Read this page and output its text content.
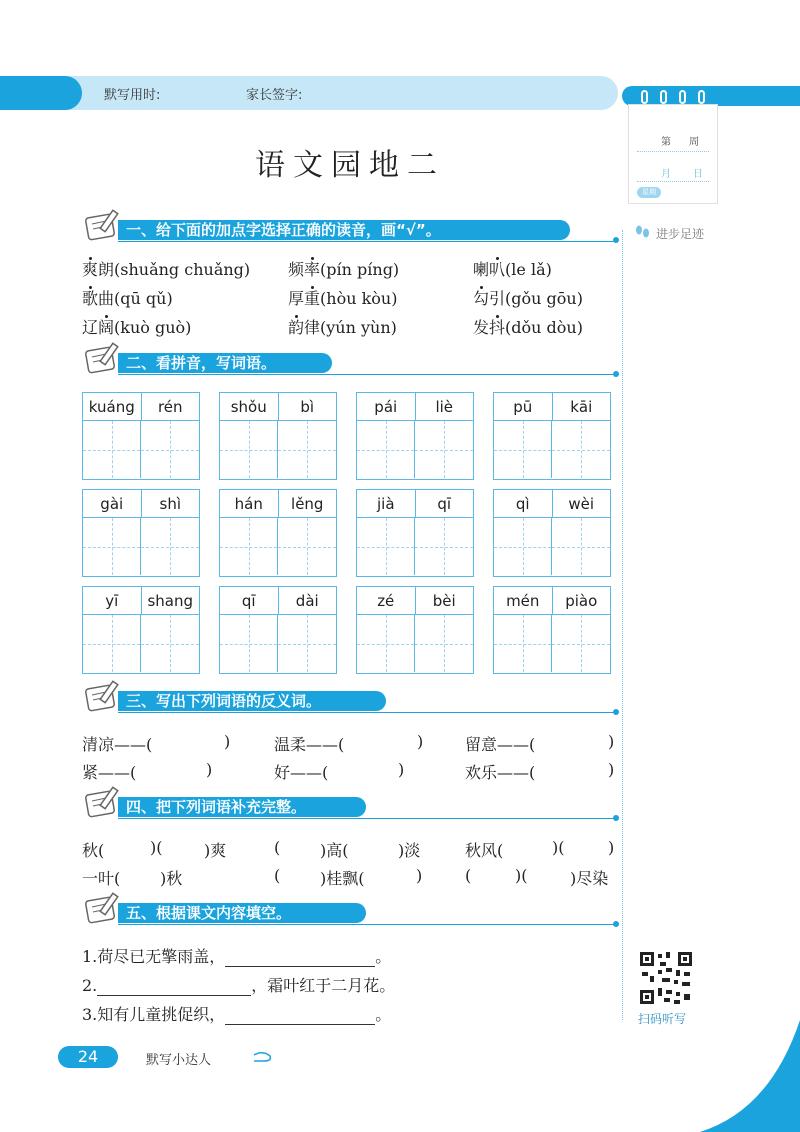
默写用时:	家长签字:
第 周
月 日
星期
进步足迹
语文园地二
一、给下面的加点字选择正确的读音，画“√”。
爽朗(shuǎng chuǎng) 频率(pín píng)	喇叭(le lǎ)
歌曲(qū qǔ)	厚重(hòu kòu)	勾引(gǒu gōu)
辽阔(kuò guò)	韵律(yún yùn)	发抖(dǒu dòu)
二、看拼音，写词语。
kuáng	rén	shǒu	bì	pái	liè	pū	kāi
gài	shì	hán	lěng	jià	qī	qì	wèi
yī	shang	qī	dài	zé	bèi	mén	piào
三、写出下列词语的反义词。
清凉——(	)	温柔——(	)	留意——(	)
紧——(	)	好——(	)	欢乐——(	)
四、把下列词语补充完整。
秋(	)(	)爽	( )高(	)淡	秋风(	)(	)
一叶( )秋	( )桂飘(	)	(	)(	)尽染
五、根据课文内容填空。
1.荷尽已无擎雨盖，	。
2.	，霜叶红于二月花。
3.知有儿童挑促织，	。	扫码听写
24	默写小达人
